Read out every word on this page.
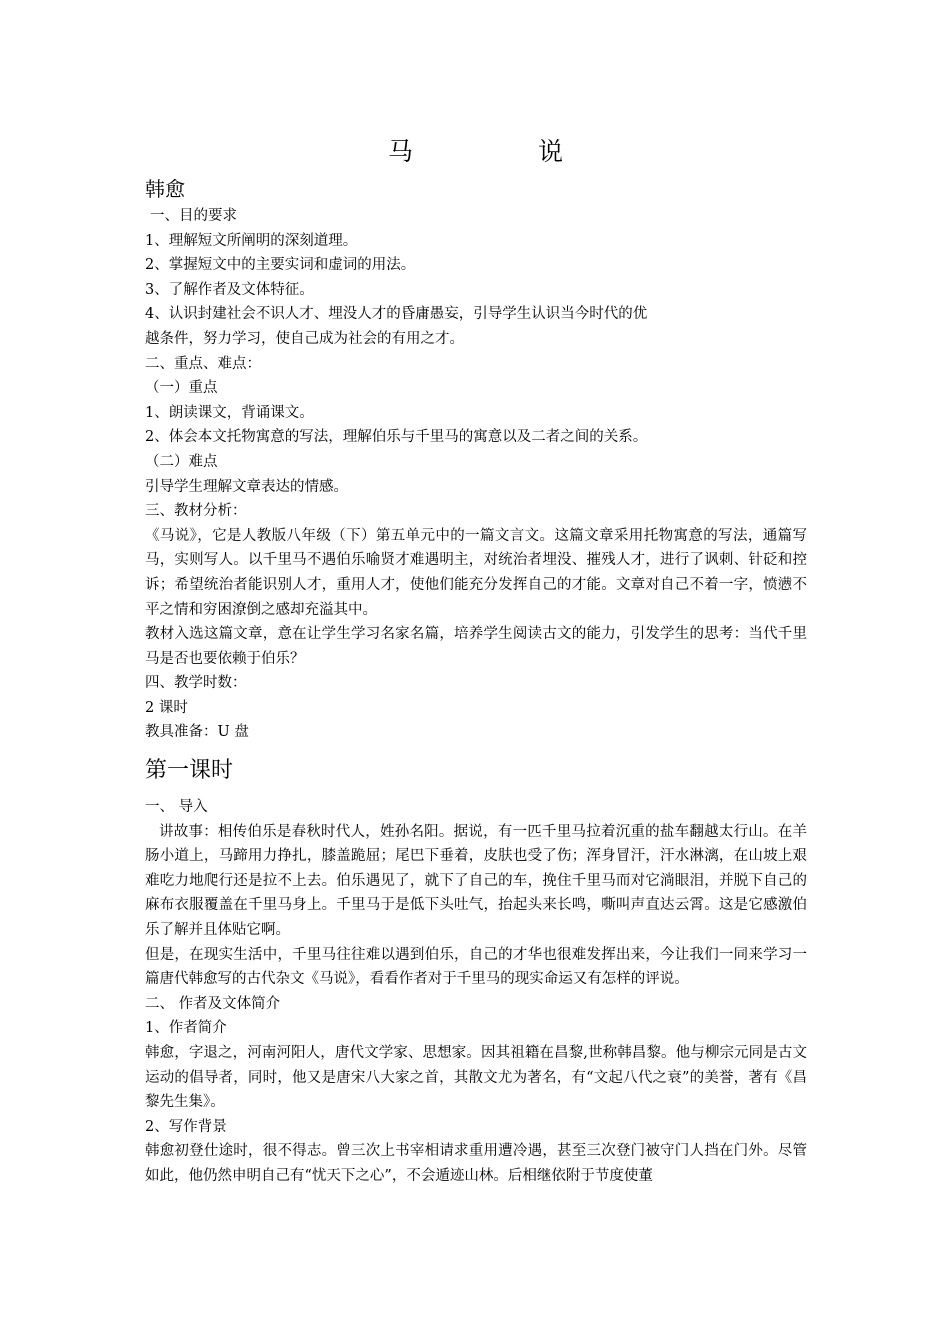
马	说
韩愈
一、目的要求
1、理解短文所阐明的深刻道理。
2、掌握短文中的主要实词和虚词的用法。
3、了解作者及文体特征。
4、认识封建社会不识人才、埋没人才的昏庸愚妄，引导学生认识当今时代的优
越条件，努力学习，使自己成为社会的有用之才。
二、重点、难点：
（一）重点
1、朗读课文，背诵课文。
2、体会本文托物寓意的写法，理解伯乐与千里马的寓意以及二者之间的关系。
（二）难点
引导学生理解文章表达的情感。
三、教材分析：
《马说》，它是人教版八年级（下）第五单元中的一篇文言文。这篇文章采用托物寓意的写法，通篇写马，实则写人。以千里马不遇伯乐喻贤才难遇明主，对统治者埋没、摧残人才，进行了讽刺、针砭和控诉；希望统治者能识别人才，重用人才，使他们能充分发挥自己的才能。文章对自己不着一字，愤懑不平之情和穷困潦倒之感却充溢其中。
教材入选这篇文章，意在让学生学习名家名篇，培养学生阅读古文的能力，引发学生的思考：当代千里马是否也要依赖于伯乐？
四、教学时数：
2 课时
教具准备：U 盘
第一课时
一、 导入
讲故事：相传伯乐是春秋时代人，姓孙名阳。据说，有一匹千里马拉着沉重的盐车翻越太行山。在羊肠小道上，马蹄用力挣扎，膝盖跪屈；尾巴下垂着，皮肤也受了伤；浑身冒汗，汗水淋漓，在山坡上艰难吃力地爬行还是拉不上去。伯乐遇见了，就下了自己的车，挽住千里马而对它淌眼泪，并脱下自己的麻布衣服覆盖在千里马身上。千里马于是低下头吐气，抬起头来长鸣，嘶叫声直达云霄。这是它感激伯乐了解并且体贴它啊。
但是，在现实生活中，千里马往往难以遇到伯乐，自己的才华也很难发挥出来，今让我们一同来学习一篇唐代韩愈写的古代杂文《马说》，看看作者对于千里马的现实命运又有怎样的评说。
二、 作者及文体简介
1、作者简介
韩愈，字退之，河南河阳人，唐代文学家、思想家。因其祖籍在昌黎,世称韩昌黎。他与柳宗元同是古文运动的倡导者，同时，他又是唐宋八大家之首，其散文尤为著名，有“文起八代之衰”的美誉，著有《昌黎先生集》。
2、写作背景
韩愈初登仕途时，很不得志。曾三次上书宰相请求重用遭冷遇，甚至三次登门被守门人挡在门外。尽管如此，他仍然申明自己有“忧天下之心”，不会遁迹山林。后相继依附于节度使董
